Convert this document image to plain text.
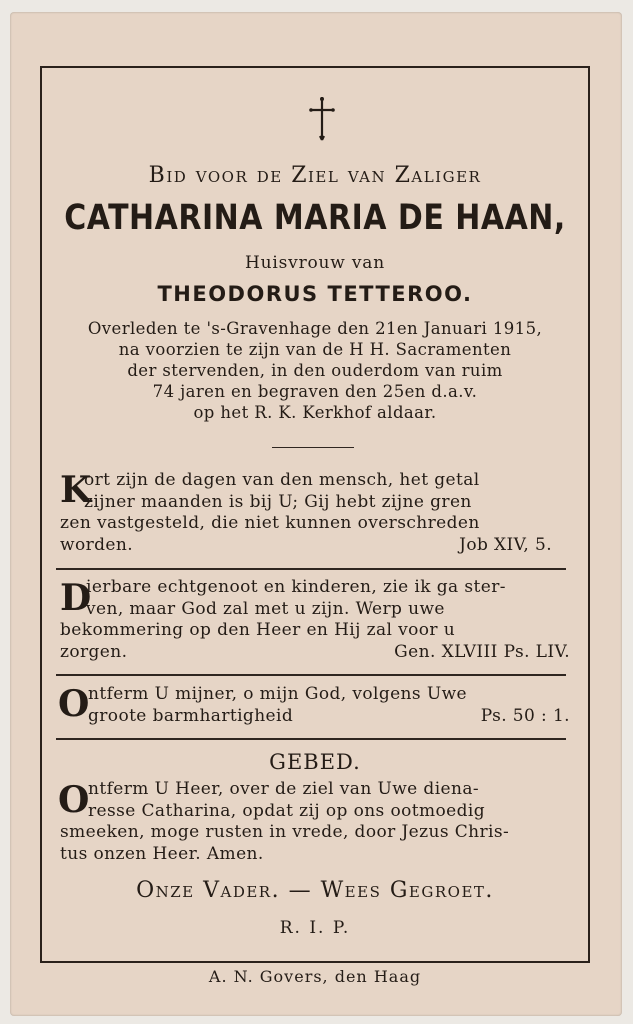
Bid voor de Ziel van Zaliger
CATHARINA MARIA DE HAAN,
Huisvrouw van
THEODORUS TETTEROO.
Overleden te 's-Gravenhage den 21en Januari 1915,
na voorzien te zijn van de H H. Sacramenten
der stervenden, in den ouderdom van ruim
74 jaren en begraven den 25en d.a.v.
op het R. K. Kerkhof aldaar.
K
ort zijn de dagen van den mensch, het getal
zijner maanden is bij U; Gij hebt zijne gren
zen vastgesteld, die niet kunnen overschreden
worden.	Job XIV, 5.
D
ierbare echtgenoot en kinderen, zie ik ga ster-
ven, maar God zal met u zijn. Werp uwe
bekommering op den Heer en Hij zal voor u
zorgen.	Gen. XLVIII Ps. LIV.
O
ntferm U mijner, o mijn God, volgens Uwe
groote barmhartigheid	Ps. 50 : 1.
GEBED.
O
ntferm U Heer, over de ziel van Uwe diena-
resse Catharina, opdat zij op ons ootmoedig
smeeken, moge rusten in vrede, door Jezus Chris-
tus onzen Heer. Amen.
Onze Vader. — Wees Gegroet.
R. I. P.
A. N. Govers, den Haag
